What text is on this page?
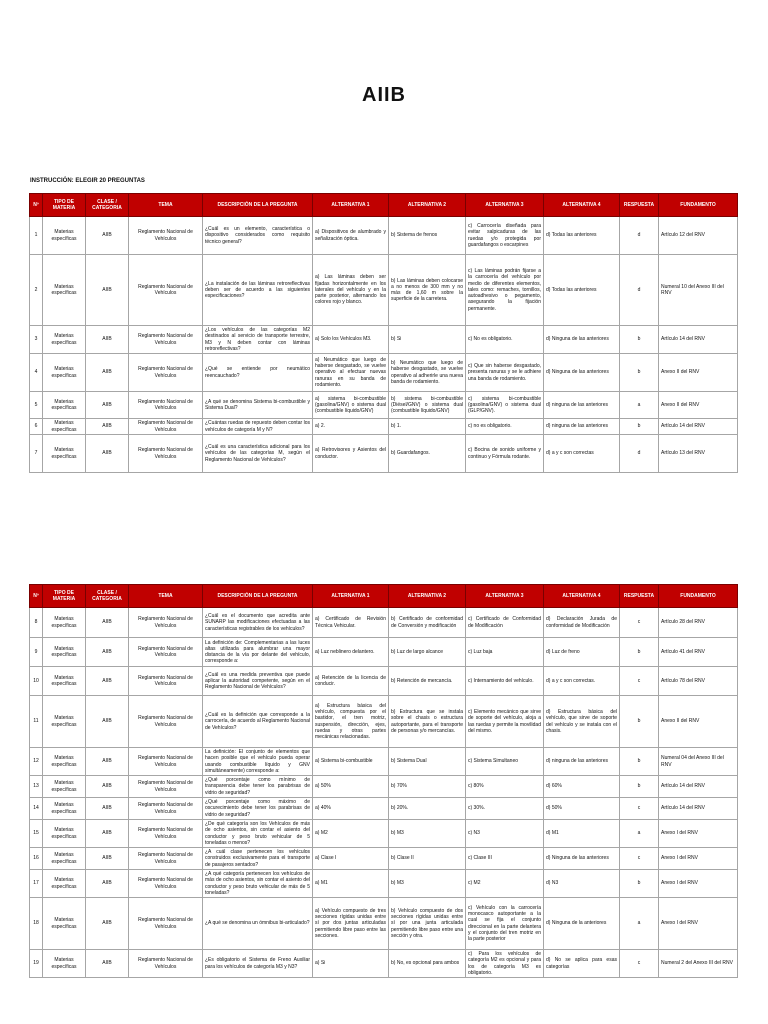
AIIB
INSTRUCCIÓN: ELEGIR 20 PREGUNTAS
Nº	TIPO DE MATERIA	CLASE / CATEGORIA	TEMA	DESCRIPCIÓN DE LA PREGUNTA	ALTERNATIVA 1	ALTERNATIVA 2	ALTERNATIVA 3	ALTERNATIVA 4	RESPUESTA	FUNDAMENTO
1	Materias específicas	AIIB	Reglamento Nacional de Vehículos	¿Cuál es un elemento, característica o dispositivo considerados como requisito técnico general?	a) Dispositivos de alumbrado y señalización óptica.	b) Sistema de frenos	c) Carrocería diseñada para evitar salpicaduras de las ruedas y/o protegida por guardafangos o escarpines	d) Todas las anteriores	d	Artículo 12 del RNV
2	Materias específicas	AIIB	Reglamento Nacional de Vehículos	¿La instalación de las láminas retroreflectivas deben ser de acuerdo a las siguientes especificaciones?	a) Las láminas deben ser fijadas horizontalmente en los laterales del vehículo y en la parte posterior, alternando los colores rojo y blanco.	b) Las láminas deben colocarse a no menos de 300 mm y no más de 1,60 m sobre la superficie de la carretera.	c) Las láminas podrán fijarse a la carrocería del vehículo por medio de diferentes elementos, tales como: remaches, tornillos, autoadhesivo o pegamento, asegurando la fijación permanente.	d) Todas las anteriores	d	Numeral 10 del Anexo III del RNV
3	Materias específicas	AIIB	Reglamento Nacional de Vehículos	¿Los vehículos de las categorías M2 destinados al servicio de transporte terrestre, M3 y N deben contar con láminas retroreflectivas?	a) Solo los Vehículos M3.	b) Si	c) No es obligatorio.	d) Ninguna de las anteriores	b	Artículo 14 del RNV
4	Materias específicas	AIIB	Reglamento Nacional de Vehículos	¿Qué se entiende por neumático reencauchado?	a) Neumático que luego de haberse desgastado, se vuelve operativo al efectuar nuevas ranuras en su banda de rodamiento.	b) Neumático que luego de haberse desgastado, se vuelve operativo al adherirle una nueva banda de rodamiento.	c) Que sin haberse desgastado, presenta ranuras y se le adhiere una banda de rodamiento.	d) Ninguna de las anteriores	b	Anexo II del RNV
5	Materias específicas	AIIB	Reglamento Nacional de Vehículos	¿A qué se denomina Sistema bi-combustible y Sistema Dual?	a) sistema bi-combustible (gasolina/GNV) o sistema dual (combustible líquido/GNV)	b) sistema bi-combustible (Diésel/GNV) o sistema dual (combustible líquido/GNV)	c) sistema bi-combustible (gasolina/GNV) o sistema dual (GLP/GNV).	d) ninguna de las anteriores	a	Anexo II del RNV
6	Materias específicas	AIIB	Reglamento Nacional de Vehículos	¿Cuántas ruedas de repuesto deben contar los vehículos de categoría M y N?	a) 2.	b) 1.	c) no es obligatorio.	d) ninguna de las anteriores	b	Artículo 14 del RNV
7	Materias específicas	AIIB	Reglamento Nacional de Vehículos	¿Cuál es una característica adicional para los vehículos de las categorías M, según el Reglamento Nacional de Vehículos?	a) Retrovisores y Asientos del conductor.	b) Guardafangos.	c) Bocina de sonido uniforme y continuo y Fórmula rodante.	d) a y c son correctas	d	Artículo 13 del RNV
Nº	TIPO DE MATERIA	CLASE / CATEGORIA	TEMA	DESCRIPCIÓN DE LA PREGUNTA	ALTERNATIVA 1	ALTERNATIVA 2	ALTERNATIVA 3	ALTERNATIVA 4	RESPUESTA	FUNDAMENTO
8	Materias específicas	AIIB	Reglamento Nacional de Vehículos	¿Cuál es el documento que acredita ante SUNARP las modificaciones efectuadas a las características registrables de los vehículos?	a) Certificado de Revisión Técnica Vehicular.	b) Certificado de conformidad de Conversión y modificación	c) Certificado de Conformidad de Modificación	d) Declaración Jurada de conformidad de Modificación	c	Artículo 28 del RNV
9	Materias específicas	AIIB	Reglamento Nacional de Vehículos	La definición de: Complementarias a las luces altas utilizada para alumbrar una mayor distancia de la vía por delante del vehículo, corresponde a:	a) Luz neblinero delantero.	b) Luz de largo alcance	c) Luz baja	d) Luz de freno	b	Artículo 41 del RNV
10	Materias específicas	AIIB	Reglamento Nacional de Vehículos	¿Cuál es una medida preventiva que puede aplicar la autoridad competente, según en el Reglamento Nacional de Vehículos?	a) Retención de la licencia de conducir.	b) Retención de mercancía.	c) Internamiento del vehículo.	d) a y c son correctas.	c	Artículo 78 del RNV
11	Materias específicas	AIIB	Reglamento Nacional de Vehículos	¿Cuál es la definición que corresponde a la carrocería, de acuerdo al Reglamento Nacional de Vehículos?	a) Estructura básica del vehículo, compuesta por el bastidor, el tren motriz, suspensión, dirección, ejes, ruedas y otras partes mecánicas relacionadas.	b) Estructura que se instala sobre el chasis o estructura autoportante, para el transporte de personas y/o mercancías.	c) Elemento mecánico que sirve de soporte del vehículo, aloja a las ruedas y permite la movilidad del mismo.	d) Estructura básica del vehículo, que sirve de soporte del vehículo y se instala con el chasis.	b	Anexo II del RNV
12	Materias específicas	AIIB	Reglamento Nacional de Vehículos	La definición: El conjunto de elementos que hacen posible que el vehículo pueda operar usando combustible líquido y GNV simultáneamente) corresponde a:	a) Sistema bi-combustible	b) Sistema Dual	c) Sistema Simultaneo	d) ninguna de las anteriores	b	Numeral 04 del Anexo III del RNV
13	Materias específicas	AIIB	Reglamento Nacional de Vehículos	¿Qué porcentaje como mínimo de transparencia debe tener los parabrisas de vidrio de seguridad?	a) 50%	b) 70%	c) 80%	d) 60%	b	Artículo 14 del RNV
14	Materias específicas	AIIB	Reglamento Nacional de Vehículos	¿Qué porcentaje como máximo de oscurecimiento debe tener los parabrisas de vidrio de seguridad?	a) 40%	b) 20%.	c) 30%.	d) 50%	c	Artículo 14 del RNV
15	Materias específicas	AIIB	Reglamento Nacional de Vehículos	¿De qué categoría son los Vehículos de más de ocho asientos, sin contar el asiento del conductor y peso bruto vehicular de 5 toneladas o menos?	a) M2	b) M3	c) N3	d) M1	a	Anexo I del RNV
16	Materias específicas	AIIB	Reglamento Nacional de Vehículos	¿A cuál clase pertenecen los vehículos construidos exclusivamente para el transporte de pasajeros sentados?	a) Clase I	b) Clase II	c) Clase III	d) Ninguna de las anteriores	c	Anexo I del RNV
17	Materias específicas	AIIB	Reglamento Nacional de Vehículos	¿A qué categoría pertenecen los vehículos de más de ocho asientos, sin contar el asiento del conductor y peso bruto vehicular de más de 5 toneladas?	a) M1	b) M3	c) M2	d) N3	b	Anexo I del RNV
18	Materias específicas	AIIB	Reglamento Nacional de Vehículos	¿A qué se denomina un ómnibus bi-articulado?	a) Vehículo compuesto de tres secciones rígidas unidas entre sí por dos juntas articuladas permitiendo libre paso entre las secciones.	b) Vehículo compuesto de dos secciones rígidas unidas entre sí por una junta articulada permitiendo libre paso entre una sección y otra.	c) Vehículo con la carrocería monocasco autoportante a la cual se fija el conjunto direccional en la parte delantera y el conjunto del tren motriz en la parte posterior	d) Ninguna de la anteriores	a	Anexo I del RNV
19	Materias específicas	AIIB	Reglamento Nacional de Vehículos	¿Es obligatorio el Sistema de Freno Auxiliar para los vehículos de categoría M3 y N3?	a) Si	b) No, es opcional para ambos	c) Para los vehículos de categoría M2 es opcional y para los de categoría M3 es obligatorio.	d) No se aplica para esas categorías	c	Numeral 2 del Anexo III del RNV
